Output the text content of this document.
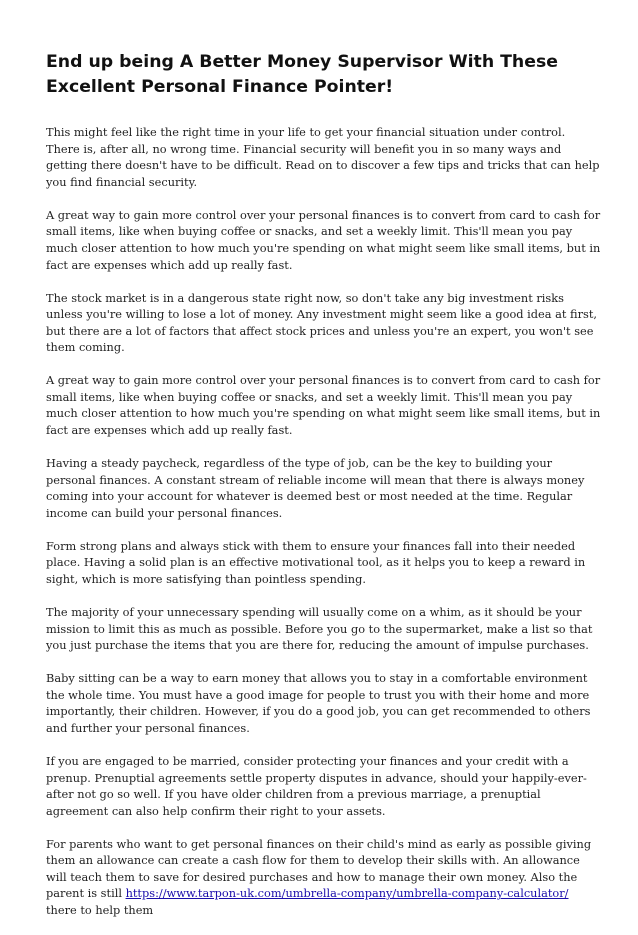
End up being A Better Money Supervisor With These Excellent Personal Finance Pointer!

This might feel like the right time in your life to get your financial situation under control. There is, after all, no wrong time. Financial security will benefit you in so many ways and getting there doesn't have to be difficult. Read on to discover a few tips and tricks that can help you find financial security.

A great way to gain more control over your personal finances is to convert from card to cash for small items, like when buying coffee or snacks, and set a weekly limit. This'll mean you pay much closer attention to how much you're spending on what might seem like small items, but in fact are expenses which add up really fast.

The stock market is in a dangerous state right now, so don't take any big investment risks unless you're willing to lose a lot of money. Any investment might seem like a good idea at first, but there are a lot of factors that affect stock prices and unless you're an expert, you won't see them coming.

A great way to gain more control over your personal finances is to convert from card to cash for small items, like when buying coffee or snacks, and set a weekly limit. This'll mean you pay much closer attention to how much you're spending on what might seem like small items, but in fact are expenses which add up really fast.

Having a steady paycheck, regardless of the type of job, can be the key to building your personal finances. A constant stream of reliable income will mean that there is always money coming into your account for whatever is deemed best or most needed at the time. Regular income can build your personal finances.

Form strong plans and always stick with them to ensure your finances fall into their needed place. Having a solid plan is an effective motivational tool, as it helps you to keep a reward in sight, which is more satisfying than pointless spending.

The majority of your unnecessary spending will usually come on a whim, as it should be your mission to limit this as much as possible. Before you go to the supermarket, make a list so that you just purchase the items that you are there for, reducing the amount of impulse purchases.

Baby sitting can be a way to earn money that allows you to stay in a comfortable environment the whole time. You must have a good image for people to trust you with their home and more importantly, their children. However, if you do a good job, you can get recommended to others and further your personal finances.

If you are engaged to be married, consider protecting your finances and your credit with a prenup. Prenuptial agreements settle property disputes in advance, should your happily-ever-after not go so well. If you have older children from a previous marriage, a prenuptial agreement can also help confirm their right to your assets.

For parents who want to get personal finances on their child's mind as early as possible giving them an allowance can create a cash flow for them to develop their skills with. An allowance will teach them to save for desired purchases and how to manage their own money. Also the parent is still https://www.tarpon-uk.com/umbrella-company/umbrella-company-calculator/ there to help them
